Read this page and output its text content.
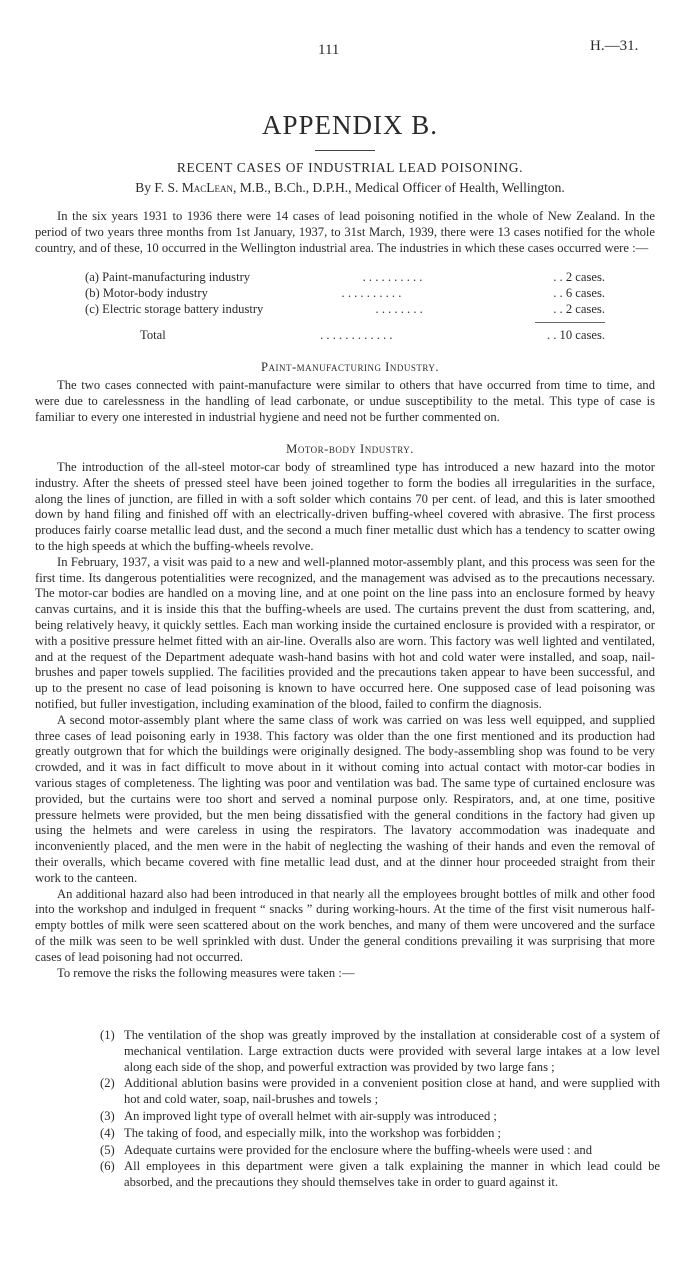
111	H.—31.
APPENDIX B.
RECENT CASES OF INDUSTRIAL LEAD POISONING.
By F. S. MacLean, M.B., B.Ch., D.P.H., Medical Officer of Health, Wellington.

In the six years 1931 to 1936 there were 14 cases of lead poisoning notified in the whole of New Zealand. In the period of two years three months from 1st January, 1937, to 31st March, 1939, there were 13 cases notified for the whole country, and of these, 10 occurred in the Wellington industrial area. The industries in which these cases occurred were :—

(a) Paint-manufacturing industry	. . . . . . . . . .	. . 2 cases.
(b) Motor-body industry	. . . . . . . . . .	. . 6 cases.
(c) Electric storage battery industry	. . . . . . . .	. . 2 cases.
Total	. . . . . . . . . . . .	. . 10 cases.
Paint-manufacturing Industry.

The two cases connected with paint-manufacture were similar to others that have occurred from time to time, and were due to carelessness in the handling of lead carbonate, or undue susceptibility to the metal. This type of case is familiar to every one interested in industrial hygiene and need not be further commented on.

Motor-body Industry.

The introduction of the all-steel motor-car body of streamlined type has introduced a new hazard into the motor industry. After the sheets of pressed steel have been joined together to form the bodies all irregularities in the surface, along the lines of junction, are filled in with a soft solder which contains 70 per cent. of lead, and this is later smoothed down by hand filing and finished off with an electrically-driven buffing-wheel covered with abrasive. The first process produces fairly coarse metallic lead dust, and the second a much finer metallic dust which has a tendency to scatter owing to the high speeds at which the buffing-wheels revolve.

In February, 1937, a visit was paid to a new and well-planned motor-assembly plant, and this process was seen for the first time. Its dangerous potentialities were recognized, and the management was advised as to the precautions necessary. The motor-car bodies are handled on a moving line, and at one point on the line pass into an enclosure formed by heavy canvas curtains, and it is inside this that the buffing-wheels are used. The curtains prevent the dust from scattering, and, being relatively heavy, it quickly settles. Each man working inside the curtained enclosure is provided with a respirator, or with a positive pressure helmet fitted with an air-line. Overalls also are worn. This factory was well lighted and ventilated, and at the request of the Department adequate wash-hand basins with hot and cold water were installed, and soap, nail-brushes and paper towels supplied. The facilities provided and the precautions taken appear to have been successful, and up to the present no case of lead poisoning is known to have occurred here. One supposed case of lead poisoning was notified, but fuller investigation, including examination of the blood, failed to confirm the diagnosis.

A second motor-assembly plant where the same class of work was carried on was less well equipped, and supplied three cases of lead poisoning early in 1938. This factory was older than the one first mentioned and its production had greatly outgrown that for which the buildings were originally designed. The body-assembling shop was found to be very crowded, and it was in fact difficult to move about in it without coming into actual contact with motor-car bodies in various stages of completeness. The lighting was poor and ventilation was bad. The same type of curtained enclosure was provided, but the curtains were too short and served a nominal purpose only. Respirators, and, at one time, positive pressure helmets were provided, but the men being dissatisfied with the general conditions in the factory had given up using the helmets and were careless in using the respirators. The lavatory accommodation was inadequate and inconveniently placed, and the men were in the habit of neglecting the washing of their hands and even the removal of their overalls, which became covered with fine metallic lead dust, and at the dinner hour proceeded straight from their work to the canteen.

An additional hazard also had been introduced in that nearly all the employees brought bottles of milk and other food into the workshop and indulged in frequent “ snacks ” during working-hours. At the time of the first visit numerous half-empty bottles of milk were seen scattered about on the work benches, and many of them were uncovered and the surface of the milk was seen to be well sprinkled with dust. Under the general conditions prevailing it was surprising that more cases of lead poisoning had not occurred.

To remove the risks the following measures were taken :—

(1) The ventilation of the shop was greatly improved by the installation at considerable cost of a system of mechanical ventilation. Large extraction ducts were provided with several large intakes at a low level along each side of the shop, and powerful extraction was provided by two large fans ;
(2) Additional ablution basins were provided in a convenient position close at hand, and were supplied with hot and cold water, soap, nail-brushes and towels ;
(3) An improved light type of overall helmet with air-supply was introduced ;
(4) The taking of food, and especially milk, into the workshop was forbidden ;
(5) Adequate curtains were provided for the enclosure where the buffing-wheels were used : and
(6) All employees in this department were given a talk explaining the manner in which lead could be absorbed, and the precautions they should themselves take in order to guard against it.
